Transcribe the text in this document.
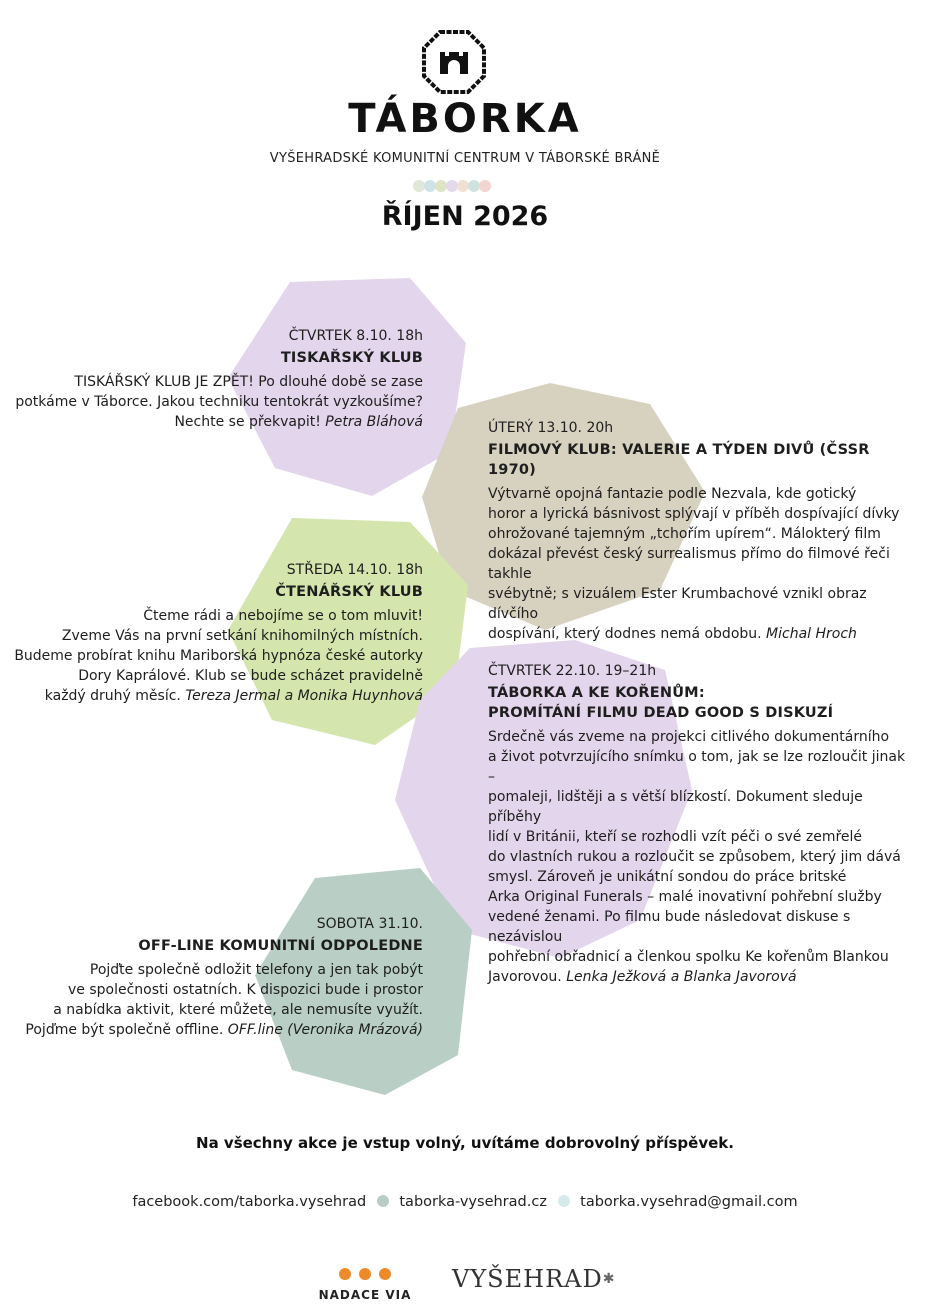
TÁBORKA
VYŠEHRADSKÉ KOMUNITNÍ CENTRUM V TÁBORSKÉ BRÁNĚ
ŘÍJEN 2026
ČTVRTEK 8.10. 18h
TISKAŘSKÝ KLUB
TISKÁŘSKÝ KLUB JE ZPĚT! Po dlouhé době se zase
potkáme v Táborce. Jakou techniku tentokrát vyzkoušíme?
Nechte se překvapit! Petra Bláhová	ÚTERÝ 13.10. 20h
FILMOVÝ KLUB: VALERIE A TÝDEN DIVŮ (ČSSR 1970)
Výtvarně opojná fantazie podle Nezvala, kde gotický
horor a lyrická básnivost splývají v příběh dospívající dívky
ohrožované tajemným „tchořím upírem“. Málokterý film
dokázal převést český surrealismus přímo do filmové řeči takhle
svébytně; s vizuálem Ester Krumbachové vznikl obraz dívčího
dospívání, který dodnes nemá obdobu. Michal Hroch
STŘEDA 14.10. 18h
ČTENÁŘSKÝ KLUB
Čteme rádi a nebojíme se o tom mluvit!
Zveme Vás na první setkání knihomilných místních.
Budeme probírat knihu Mariborská hypnóza české autorky
Dory Kaprálové. Klub se bude scházet pravidelně
každý druhý měsíc. Tereza Jermal a Monika Huynhová
ČTVRTEK 22.10. 19–21h
TÁBORKA A KE KOŘENŮM:
PROMÍTÁNÍ FILMU DEAD GOOD S DISKUZÍ
Srdečně vás zveme na projekci citlivého dokumentárního
a život potvrzujícího snímku o tom, jak se lze rozloučit jinak –
pomaleji, lidštěji a s větší blízkostí. Dokument sleduje příběhy
lidí v Británii, kteří se rozhodli vzít péči o své zemřelé
do vlastních rukou a rozloučit se způsobem, který jim dává
smysl. Zároveň je unikátní sondou do práce britské
Arka Original Funerals – malé inovativní pohřební služby
vedené ženami. Po filmu bude následovat diskuse s nezávislou
pohřební obřadnicí a členkou spolku Ke kořenům Blankou
Javorovou. Lenka Ježková a Blanka Javorová
SOBOTA 31.10.
OFF-LINE KOMUNITNÍ ODPOLEDNE
Pojďte společně odložit telefony a jen tak pobýt
ve společnosti ostatních. K dispozici bude i prostor
a nabídka aktivit, které můžete, ale nemusíte využít.
Pojďme být společně offline. OFF.line (Veronika Mrázová)
Na všechny akce je vstup volný, uvítáme dobrovolný příspěvek.
facebook.com/taborka.vysehrad taborka-vysehrad.cz taborka.vysehrad@gmail.com
NADACE VIA
VYŠEHRAD✱
